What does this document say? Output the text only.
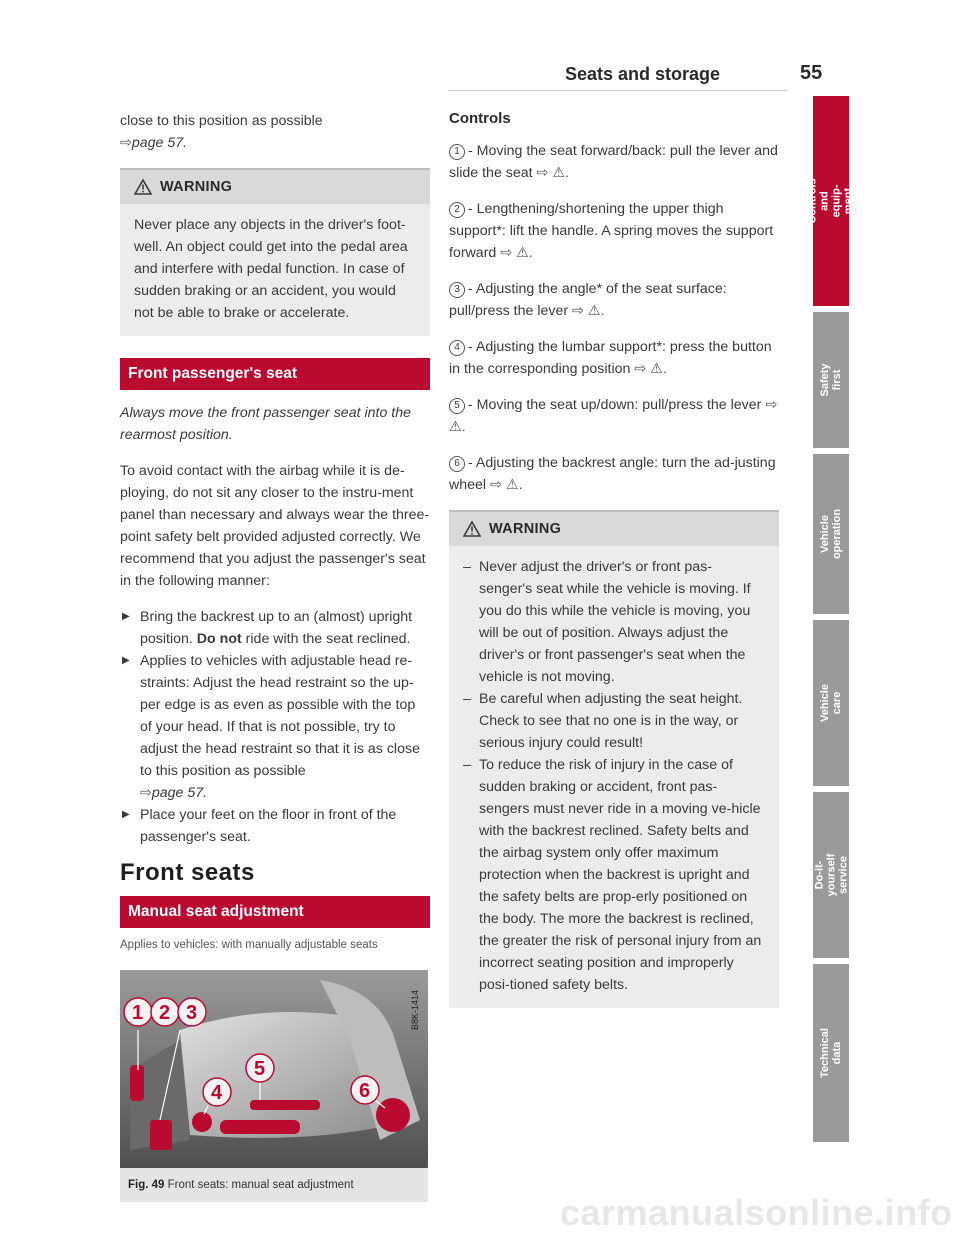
Seats and storage	55

close to this position as possible
⇨page 57.

WARNING

Never place any objects in the driver's foot-well. An object could get into the pedal area and interfere with pedal function. In case of sudden braking or an accident, you would not be able to brake or accelerate.

Front passenger's seat

Always move the front passenger seat into the rearmost position.

To avoid contact with the airbag while it is de-ploying, do not sit any closer to the instru-ment panel than necessary and always wear the three-point safety belt provided adjusted correctly. We recommend that you adjust the passenger's seat in the following manner:

▶ Bring the backrest up to an (almost) upright position. Do not ride with the seat reclined.
▶ Applies to vehicles with adjustable head re-straints: Adjust the head restraint so the up-per edge is as even as possible with the top of your head. If that is not possible, try to adjust the head restraint so that it is as close to this position as possible
⇨page 57.
▶ Place your feet on the floor in front of the passenger's seat.
Front seats
Manual seat adjustment
Applies to vehicles: with manually adjustable seats
1 2 3
4
5
6
B8K-1414
Fig. 49 Front seats: manual seat adjustment
Controls

1 - Moving the seat forward/back: pull the lever and slide the seat ⇨ ⚠.

2 - Lengthening/shortening the upper thigh support*: lift the handle. A spring moves the support forward ⇨ ⚠.

3 - Adjusting the angle* of the seat surface: pull/press the lever ⇨ ⚠.

4 - Adjusting the lumbar support*: press the button in the corresponding position ⇨ ⚠.

5 - Moving the seat up/down: pull/press the lever ⇨ ⚠.

6 - Adjusting the backrest angle: turn the ad-justing wheel ⇨ ⚠.

WARNING
– Never adjust the driver's or front pas-senger's seat while the vehicle is moving. If you do this while the vehicle is moving, you will be out of position. Always adjust the driver's or front passenger's seat when the vehicle is not moving.
– Be careful when adjusting the seat height. Check to see that no one is in the way, or serious injury could result!
– To reduce the risk of injury in the case of sudden braking or accident, front pas-sengers must never ride in a moving ve-hicle with the backrest reclined. Safety belts and the airbag system only offer maximum protection when the backrest is upright and the safety belts are prop-erly positioned on the body. The more the backrest is reclined, the greater the risk of personal injury from an incorrect seating position and improperly posi-tioned safety belts.
Controls and equip-ment
Safety first
Vehicle operation
Vehicle care
Do-it-yourself service
Technical data
carmanualsonline.info
